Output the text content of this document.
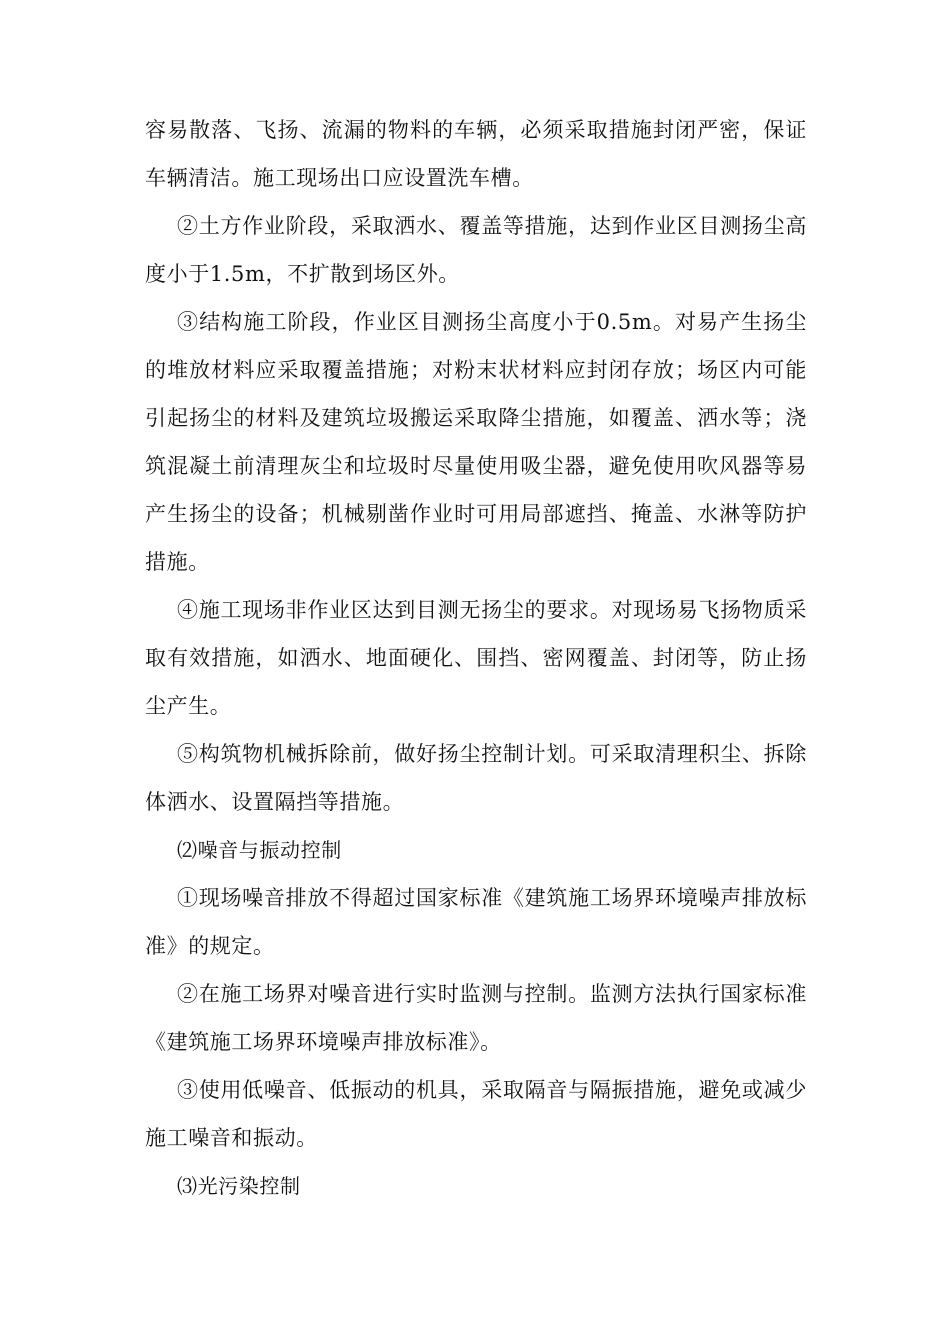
容易散落、飞扬、流漏的物料的车辆，必须采取措施封闭严密，保证车辆清洁。施工现场出口应设置洗车槽。

②土方作业阶段，采取洒水、覆盖等措施，达到作业区目测扬尘高度小于1.5m，不扩散到场区外。

③结构施工阶段，作业区目测扬尘高度小于0.5m。对易产生扬尘的堆放材料应采取覆盖措施；对粉末状材料应封闭存放；场区内可能引起扬尘的材料及建筑垃圾搬运采取降尘措施，如覆盖、洒水等；浇筑混凝土前清理灰尘和垃圾时尽量使用吸尘器，避免使用吹风器等易产生扬尘的设备；机械剔凿作业时可用局部遮挡、掩盖、水淋等防护措施。

④施工现场非作业区达到目测无扬尘的要求。对现场易飞扬物质采取有效措施，如洒水、地面硬化、围挡、密网覆盖、封闭等，防止扬尘产生。

⑤构筑物机械拆除前，做好扬尘控制计划。可采取清理积尘、拆除体洒水、设置隔挡等措施。

⑵噪音与振动控制

①现场噪音排放不得超过国家标准《建筑施工场界环境噪声排放标准》的规定。

②在施工场界对噪音进行实时监测与控制。监测方法执行国家标准《建筑施工场界环境噪声排放标准》。

③使用低噪音、低振动的机具，采取隔音与隔振措施，避免或减少施工噪音和振动。

⑶光污染控制
